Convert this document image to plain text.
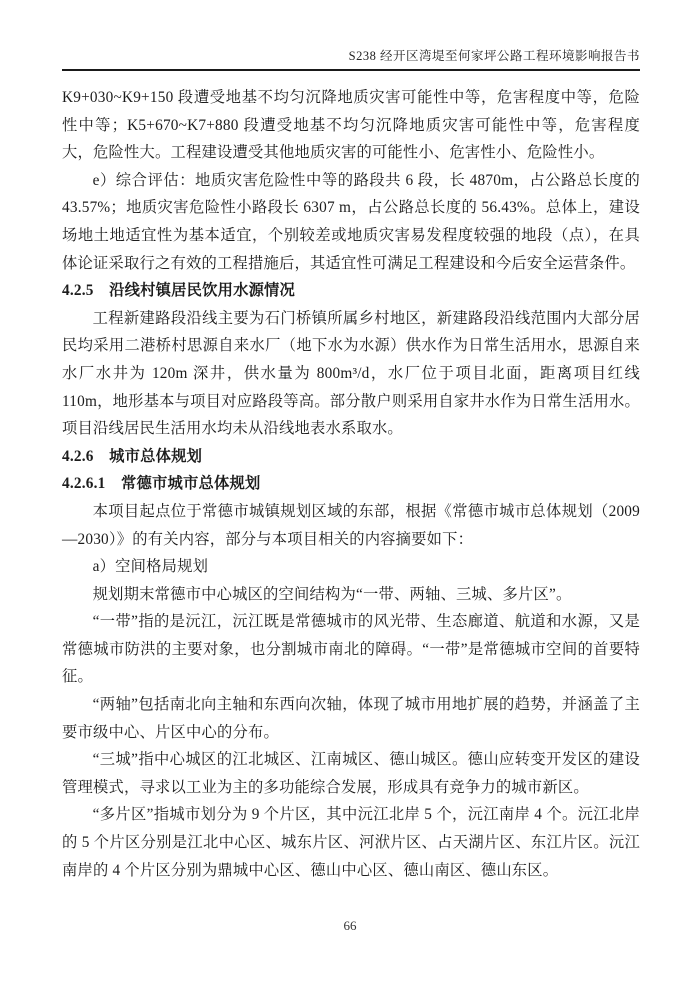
S238 经开区湾堤至何家坪公路工程环境影响报告书

K9+030~K9+150 段遭受地基不均匀沉降地质灾害可能性中等，危害程度中等，危险性中等；K5+670~K7+880 段遭受地基不均匀沉降地质灾害可能性中等，危害程度大，危险性大。工程建设遭受其他地质灾害的可能性小、危害性小、危险性小。

e）综合评估：地质灾害危险性中等的路段共 6 段，长 4870m，占公路总长度的43.57%；地质灾害危险性小路段长 6307 m，占公路总长度的 56.43%。总体上，建设场地土地适宜性为基本适宜，个别较差或地质灾害易发程度较强的地段（点），在具体论证采取行之有效的工程措施后，其适宜性可满足工程建设和今后安全运营条件。

4.2.5　沿线村镇居民饮用水源情况

工程新建路段沿线主要为石门桥镇所属乡村地区，新建路段沿线范围内大部分居民均采用二港桥村思源自来水厂（地下水为水源）供水作为日常生活用水，思源自来水厂水井为 120m 深井，供水量为 800m³/d，水厂位于项目北面，距离项目红线 110m，地形基本与项目对应路段等高。部分散户则采用自家井水作为日常生活用水。项目沿线居民生活用水均未从沿线地表水系取水。

4.2.6　城市总体规划
4.2.6.1　常德市城市总体规划

本项目起点位于常德市城镇规划区域的东部，根据《常德市城市总体规划（2009—2030）》的有关内容，部分与本项目相关的内容摘要如下：

a）空间格局规划

规划期末常德市中心城区的空间结构为“一带、两轴、三城、多片区”。

“一带”指的是沅江，沅江既是常德城市的风光带、生态廊道、航道和水源，又是常德城市防洪的主要对象，也分割城市南北的障碍。“一带”是常德城市空间的首要特征。

“两轴”包括南北向主轴和东西向次轴，体现了城市用地扩展的趋势，并涵盖了主要市级中心、片区中心的分布。

“三城”指中心城区的江北城区、江南城区、德山城区。德山应转变开发区的建设管理模式，寻求以工业为主的多功能综合发展，形成具有竞争力的城市新区。

“多片区”指城市划分为 9 个片区，其中沅江北岸 5 个，沅江南岸 4 个。沅江北岸的 5 个片区分别是江北中心区、城东片区、河洑片区、占天湖片区、东江片区。沅江南岸的 4 个片区分别为鼎城中心区、德山中心区、德山南区、德山东区。

66
